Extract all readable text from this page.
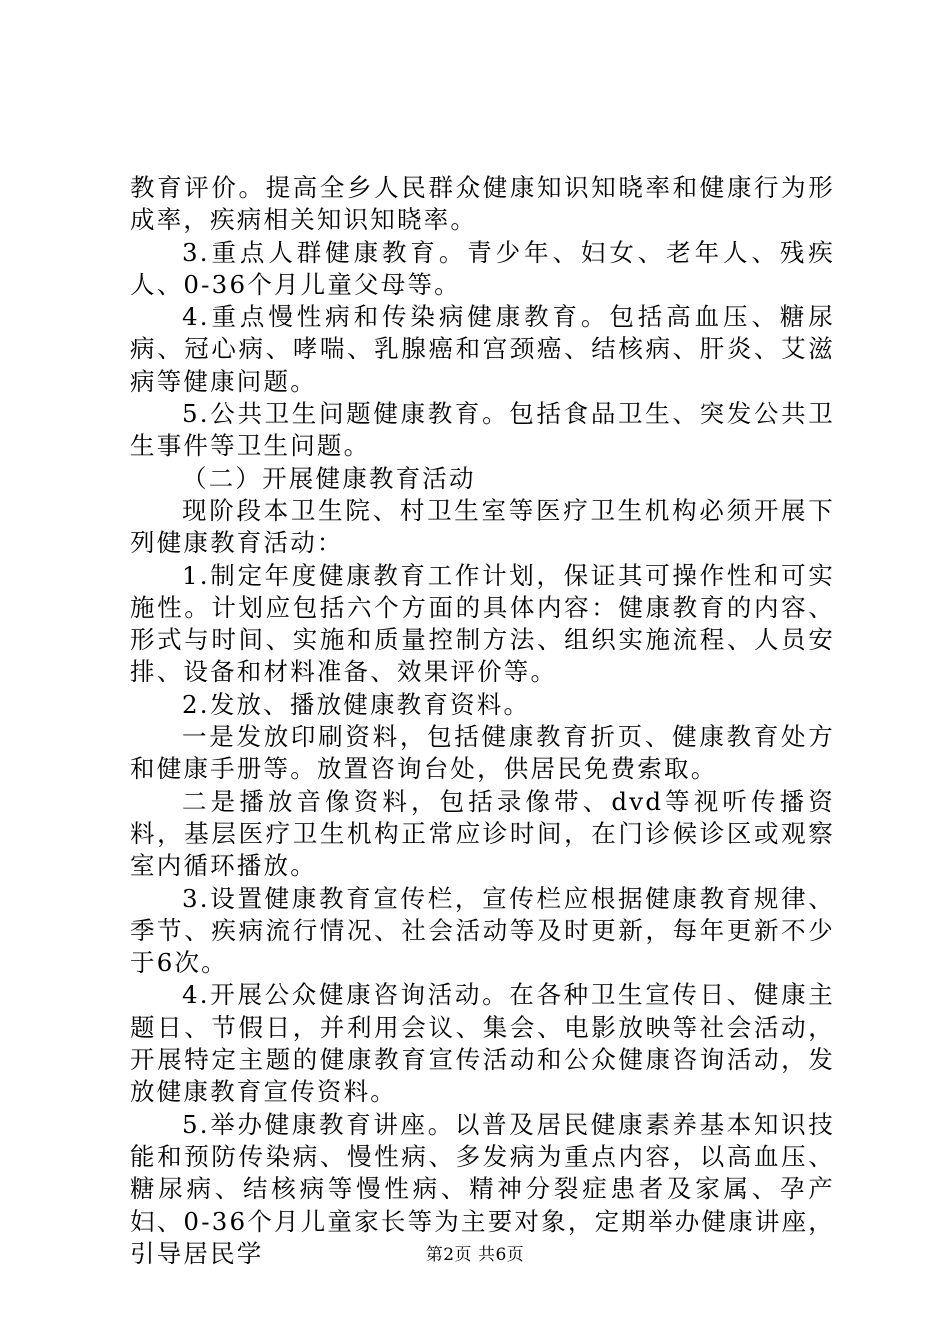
教育评价。提高全乡人民群众健康知识知晓率和健康行为形成率，疾病相关知识知晓率。

3.重点人群健康教育。青少年、妇女、老年人、残疾人、0-36个月儿童父母等。

4.重点慢性病和传染病健康教育。包括高血压、糖尿病、冠心病、哮喘、乳腺癌和宫颈癌、结核病、肝炎、艾滋病等健康问题。

5.公共卫生问题健康教育。包括食品卫生、突发公共卫生事件等卫生问题。

（二）开展健康教育活动

现阶段本卫生院、村卫生室等医疗卫生机构必须开展下列健康教育活动：

1.制定年度健康教育工作计划，保证其可操作性和可实施性。计划应包括六个方面的具体内容：健康教育的内容、形式与时间、实施和质量控制方法、组织实施流程、人员安排、设备和材料准备、效果评价等。

2.发放、播放健康教育资料。

一是发放印刷资料，包括健康教育折页、健康教育处方和健康手册等。放置咨询台处，供居民免费索取。

二是播放音像资料，包括录像带、dvd等视听传播资料，基层医疗卫生机构正常应诊时间，在门诊候诊区或观察室内循环播放。

3.设置健康教育宣传栏，宣传栏应根据健康教育规律、季节、疾病流行情况、社会活动等及时更新，每年更新不少于6次。

4.开展公众健康咨询活动。在各种卫生宣传日、健康主题日、节假日，并利用会议、集会、电影放映等社会活动，开展特定主题的健康教育宣传活动和公众健康咨询活动，发放健康教育宣传资料。

5.举办健康教育讲座。以普及居民健康素养基本知识技能和预防传染病、慢性病、多发病为重点内容，以高血压、糖尿病、结核病等慢性病、精神分裂症患者及家属、孕产妇、0-36个月儿童家长等为主要对象，定期举办健康讲座，引导居民学	第2页 共6页
